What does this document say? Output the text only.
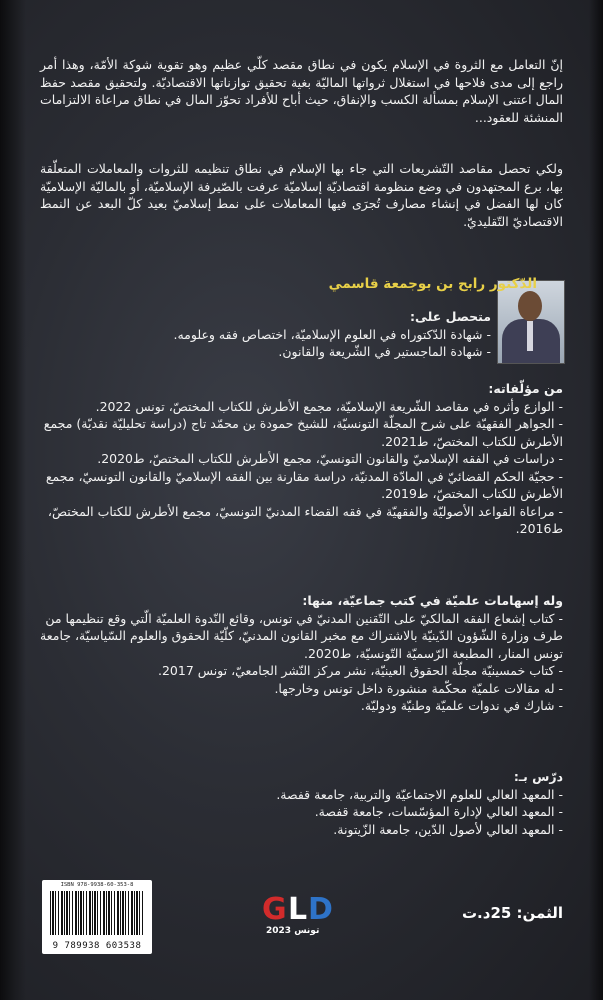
إنّ التعامل مع الثروة في الإسلام يكون في نطاق مقصد كلّي عظيم وهو تقوية شوكة الأمّة، وهذا أمر راجع إلى مدى فلاحها في استغلال ثرواتها الماليّة بغية تحقيق توازناتها الاقتصاديّة. ولتحقيق مقصد حفظ المال اعتنى الإسلام بمسألة الكسب والإنفاق، حيث أباح للأفراد تحوّز المال في نطاق مراعاة الالتزامات المنشئة للعقود...

ولكي تحصل مقاصد التّشريعات التي جاء بها الإسلام في نطاق تنظيمه للثروات والمعاملات المتعلّقة بها، برع المجتهدون في وضع منظومة اقتصاديّة إسلاميّة عرفت بالصّيرفة الإسلاميّة، أو بالماليّة الإسلاميّة كان لها الفضل في إنشاء مصارف تُجرَى فيها المعاملات على نمط إسلاميّ بعيد كلّ البعد عن النمط الاقتصاديّ التّقليديّ.

الدّكتور رابح بن بوجمعة قاسمي
متحصل على:
- شهادة الدّكتوراه في العلوم الإسلاميّة، اختصاص فقه وعلومه.
- شهادة الماجستير في الشّريعة والقانون.
من مؤلّفاته:
- الوازع وأثره في مقاصد الشّريعة الإسلاميّة، مجمع الأطرش للكتاب المختصّ، تونس 2022.
- الجواهر الفقهيّة على شرح المجلّة التونسيّة، للشيخ حمودة بن محمّد تاج (دراسة تحليليّة نقديّة) مجمع الأطرش للكتاب المختصّ، ط2021.
- دراسات في الفقه الإسلاميّ والقانون التونسيّ، مجمع الأطرش للكتاب المختصّ، ط2020.
- حجيّة الحكم القضائيّ في المادّة المدنيّة، دراسة مقارنة بين الفقه الإسلاميّ والقانون التونسيّ، مجمع الأطرش للكتاب المختصّ، ط2019.
- مراعاة القواعد الأصوليّة والفقهيّة في فقه القضاء المدنيّ التونسيّ، مجمع الأطرش للكتاب المختصّ، ط2016.
وله إسهامات علميّة في كتب جماعيّة، منها:
- كتاب إشعاع الفقه المالكيّ على التّقنين المدنيّ في تونس، وقائع النّدوة العلميّة الّتي وقع تنظيمها من طرف وزارة الشّؤون الدّينيّة بالاشتراك مع مخبر القانون المدنيّ، كلّيّة الحقوق والعلوم السّياسيّة، جامعة تونس المنار، المطبعة الرّسميّة التّونسيّة، ط2020.
- كتاب خمسينيّة مجلّة الحقوق العينيّة، نشر مركز النّشر الجامعيّ، تونس 2017.
- له مقالات علميّة محكّمة منشورة داخل تونس وخارجها.
- شارك في ندوات علميّة وطنيّة ودوليّة.
درّس بـ:
- المعهد العالي للعلوم الاجتماعيّة والتربية، جامعة قفصة.
- المعهد العالي لإدارة المؤسّسات، جامعة قفصة.
- المعهد العالي لأصول الدّين، جامعة الزّيتونة.
ISBN 978-9938-60-353-8
9 789938 603538
G L D
تونس 2023
الثمن: 25د.ت
